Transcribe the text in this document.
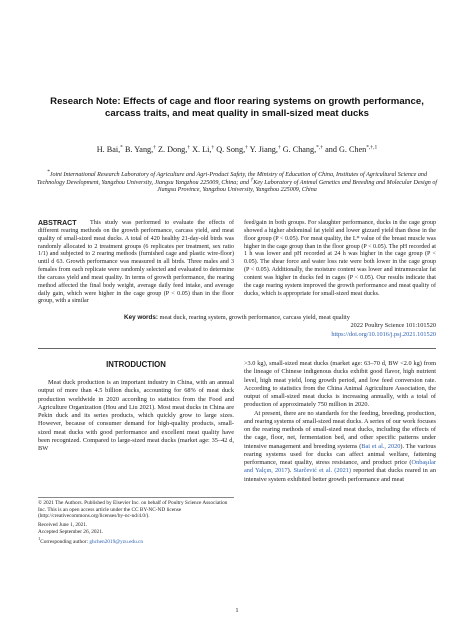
Research Note: Effects of cage and floor rearing systems on growth performance, carcass traits, and meat quality in small-sized meat ducks
H. Bai,* B. Yang,† Z. Dong,† X. Li,† Q. Song,† Y. Jiang,† G. Chang,*,† and G. Chen$^{*,\dagger,1}$
*Joint International Research Laboratory of Agriculture and Agri-Product Safety, the Ministry of Education of China, Institutes of Agricultural Science and Technology Development, Yangzhou University, Jiangsu Yangzhou 225009, China; and †Key Laboratory of Animal Genetics and Breeding and Molecular Design of Jiangsu Province, Yangzhou University, Yangzhou 225009, China
This study was performed to evaluate the effects of different rearing methods on the growth performance, carcass yield, and meat quality of small-sized meat ducks. A total of 420 healthy 21-day-old birds was randomly allocated to 2 treatment groups (6 replicates per treatment, sex ratio 1/1) and subjected to 2 rearing methods (furnished cage and plastic wire-floor) until d 63. Growth performance was measured in all birds. Three males and 3 females from each replicate were randomly selected and evaluated to determine the carcass yield and meat quality. In terms of growth performance, the rearing method affected the final body weight, average daily feed intake, and average daily gain, which were higher in the cage group (P < 0.05) than in the floor group, with a similar
ABSTRACT	feed/gain in both groups. For slaughter performance, ducks in the cage group showed a higher abdominal fat yield and lower gizzard yield than those in the floor group (P < 0.05). For meat quality, the L* value of the breast muscle was higher in the cage group than in the floor group (P < 0.05). The pH recorded at 1 h was lower and pH recorded at 24 h was higher in the cage group (P < 0.05). The shear force and water loss rate were both lower in the cage group (P < 0.05). Additionally, the moisture content was lower and intramuscular fat content was higher in ducks fed in cages (P < 0.05). Our results indicate that the cage rearing system improved the growth performance and meat quality of ducks, which is appropriate for small-sized meat ducks.
Key words: meat duck, rearing system, growth performance, carcass yield, meat quality
2022 Poultry Science 101:101520
https://doi.org/10.1016/j.psj.2021.101520
INTRODUCTION
Meat duck production is an important industry in China, with an annual output of more than 4.5 billion ducks, accounting for 68% of meat duck production worldwide in 2020 according to statistics from the Food and Agriculture Organization (Hou and Liu 2021). Most meat ducks in China are Pekin duck and its series products, which quickly grow to large sizes. However, because of consumer demand for high-quality products, small-sized meat ducks with good performance and excellent meat quality have been recognized. Compared to large-sized meat ducks (market age: 35–42 d, BW

>3.0 kg), small-sized meat ducks (market age: 63–70 d, BW <2.0 kg) from the lineage of Chinese indigenous ducks exhibit good flavor, high nutrient level, high meat yield, long growth period, and low feed conversion rate. According to statistics from the China Animal Agriculture Association, the output of small-sized meat ducks is increasing annually, with a total of production of approximately 750 million in 2020.

At present, there are no standards for the feeding, breeding, production, and rearing systems of small-sized meat ducks. A series of our work focuses on the rearing methods of small-sized meat ducks, including the effects of the cage, floor, net, fermentation bed, and other specific patterns under intensive management and breeding systems (Bai et al., 2020). The various rearing systems used for ducks can affect animal welfare, fattening performance, meat quality, stress resistance, and product price (Onbaşılar and Yalçın, 2017). Starčević et al. (2021) reported that ducks reared in an intensive system exhibited better growth performance and meat

© 2021 The Authors. Published by Elsevier Inc. on behalf of Poultry Science Association Inc. This is an open access article under the CC BY-NC-ND license (http://creativecommons.org/licenses/by-nc-nd/4.0/).
Received June 1, 2021.
Accepted September 26, 2021.
$^1$Corresponding author: ghchen2019@yzu.edu.cn
1
